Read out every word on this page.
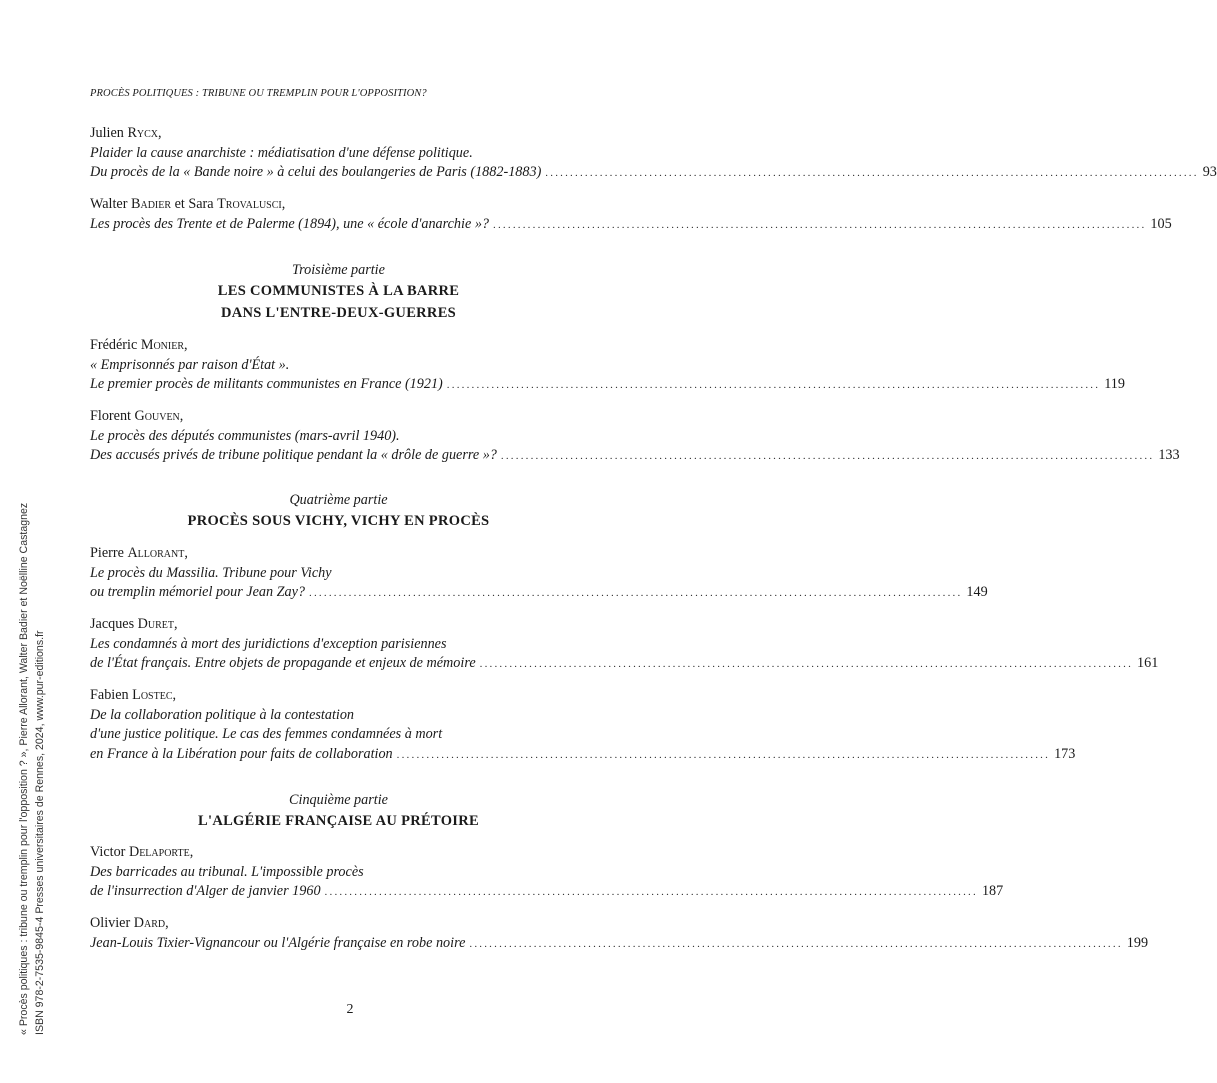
PROCÈS POLITIQUES : TRIBUNE OU TREMPLIN POUR L'OPPOSITION?
Julien Rycx,
Plaider la cause anarchiste : médiatisation d'une défense politique.
Du procès de la « Bande noire » à celui des boulangeries de Paris (1882-1883) .................................................................................................................................... 93
Walter Badier et Sara Trovalusci,
Les procès des Trente et de Palerme (1894), une « école d'anarchie »? .................................................................................................................................... 105
Troisième partie
LES COMMUNISTES À LA BARRE
DANS L'ENTRE-DEUX-GUERRES
Frédéric Monier,
« Emprisonnés par raison d'État ».
Le premier procès de militants communistes en France (1921) .................................................................................................................................... 119
Florent Gouven,
Le procès des députés communistes (mars-avril 1940).
Des accusés privés de tribune politique pendant la « drôle de guerre »? .................................................................................................................................... 133
Quatrième partie
PROCÈS SOUS VICHY, VICHY EN PROCÈS
Pierre Allorant,
Le procès du Massilia. Tribune pour Vichy
ou tremplin mémoriel pour Jean Zay? .................................................................................................................................... 149
Jacques Duret,
Les condamnés à mort des juridictions d'exception parisiennes
de l'État français. Entre objets de propagande et enjeux de mémoire .................................................................................................................................... 161
Fabien Lostec,
De la collaboration politique à la contestation
d'une justice politique. Le cas des femmes condamnées à mort
en France à la Libération pour faits de collaboration .................................................................................................................................... 173
Cinquième partie
L'ALGÉRIE FRANÇAISE AU PRÉTOIRE
Victor Delaporte,
Des barricades au tribunal. L'impossible procès
de l'insurrection d'Alger de janvier 1960 .................................................................................................................................... 187
Olivier Dard,
Jean-Louis Tixier-Vignancour ou l'Algérie française en robe noire .................................................................................................................................... 199
2
« Procès politiques : tribune ou tremplin pour l'opposition ? », Pierre Allorant, Walter Badier et Noëlline Castagnez ISBN 978-2-7535-9845-4 Presses universitaires de Rennes, 2024, www.pur-editions.fr
